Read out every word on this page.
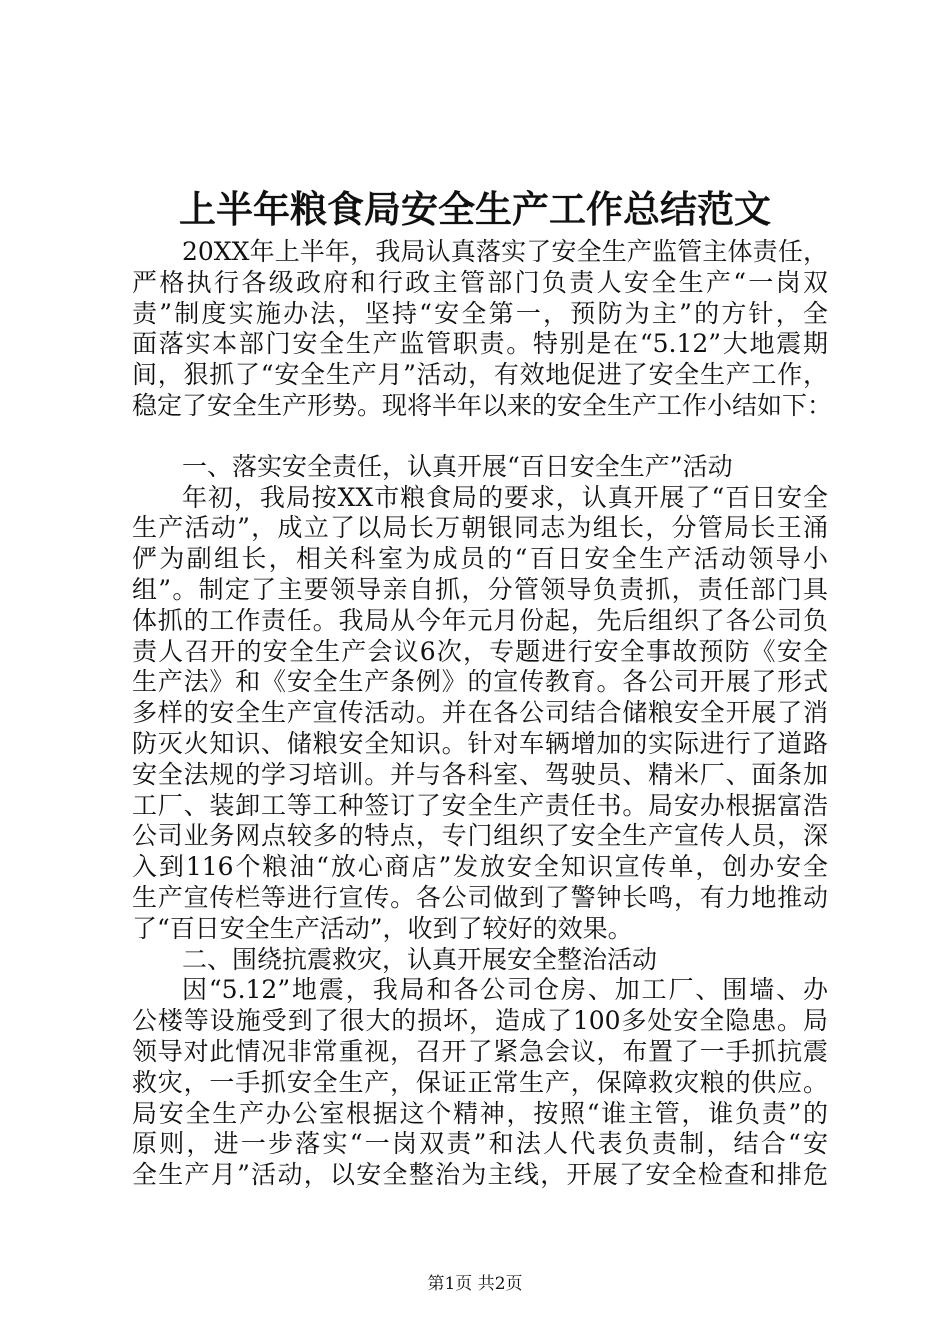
上半年粮食局安全生产工作总结范文
20XX年上半年，我局认真落实了安全生产监管主体责任，
严格执行各级政府和行政主管部门负责人安全生产“一岗双
责”制度实施办法，坚持“安全第一，预防为主”的方针，全
面落实本部门安全生产监管职责。特别是在“5.12”大地震期
间，狠抓了“安全生产月”活动，有效地促进了安全生产工作，
稳定了安全生产形势。现将半年以来的安全生产工作小结如下：
一、落实安全责任，认真开展“百日安全生产”活动
年初，我局按XX市粮食局的要求，认真开展了“百日安全
生产活动”，成立了以局长万朝银同志为组长，分管局长王涌
俨为副组长，相关科室为成员的“百日安全生产活动领导小
组”。制定了主要领导亲自抓，分管领导负责抓，责任部门具
体抓的工作责任。我局从今年元月份起，先后组织了各公司负
责人召开的安全生产会议6次，专题进行安全事故预防《安全
生产法》和《安全生产条例》的宣传教育。各公司开展了形式
多样的安全生产宣传活动。并在各公司结合储粮安全开展了消
防灭火知识、储粮安全知识。针对车辆增加的实际进行了道路
安全法规的学习培训。并与各科室、驾驶员、精米厂、面条加
工厂、装卸工等工种签订了安全生产责任书。局安办根据富浩
公司业务网点较多的特点，专门组织了安全生产宣传人员，深
入到116个粮油“放心商店”发放安全知识宣传单，创办安全
生产宣传栏等进行宣传。各公司做到了警钟长鸣，有力地推动
了“百日安全生产活动”，收到了较好的效果。
二、围绕抗震救灾，认真开展安全整治活动
因“5.12”地震，我局和各公司仓房、加工厂、围墙、办
公楼等设施受到了很大的损坏，造成了100多处安全隐患。局
领导对此情况非常重视，召开了紧急会议，布置了一手抓抗震
救灾，一手抓安全生产，保证正常生产，保障救灾粮的供应。
局安全生产办公室根据这个精神，按照“谁主管，谁负责”的
原则，进一步落实“一岗双责”和法人代表负责制，结合“安
全生产月”活动，以安全整治为主线，开展了安全检查和排危
第1页 共2页
